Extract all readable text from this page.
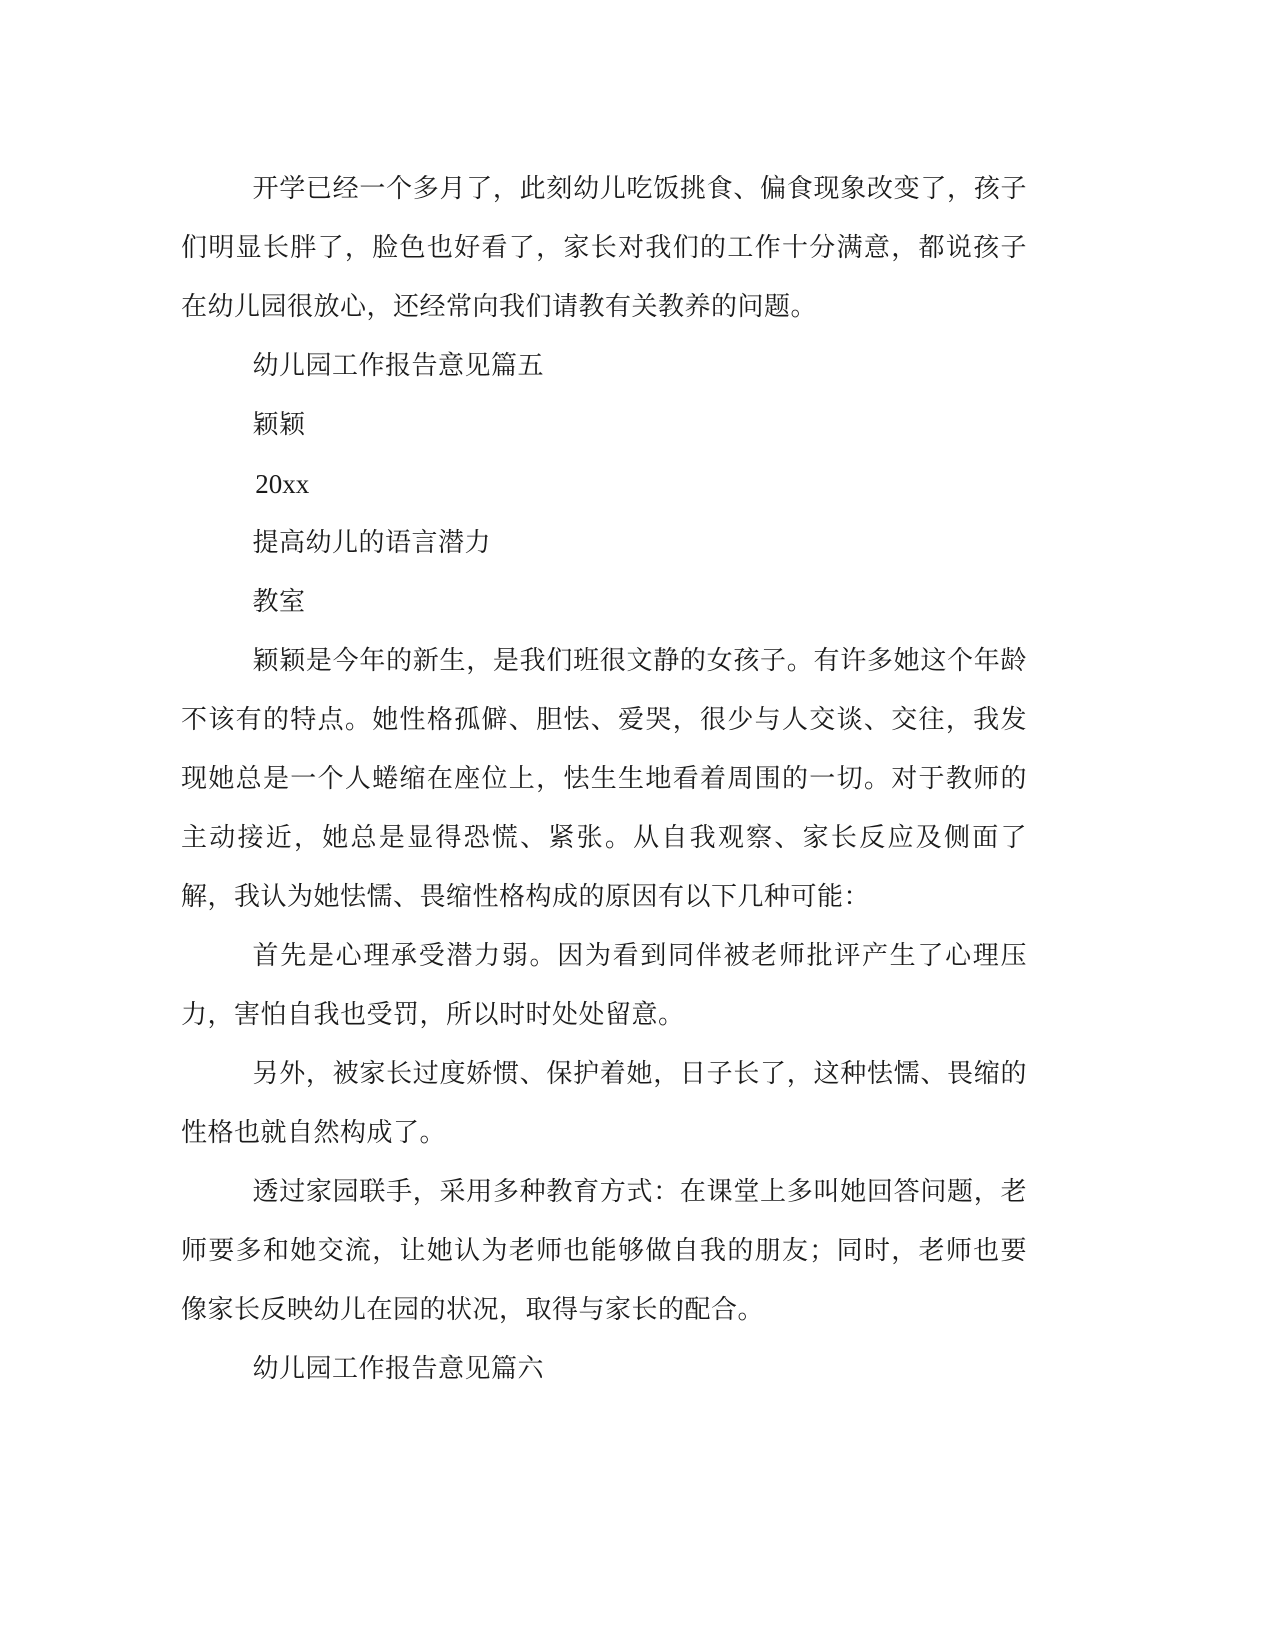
开学已经一个多月了，此刻幼儿吃饭挑食、偏食现象改变了，孩子们明显长胖了，脸色也好看了，家长对我们的工作十分满意，都说孩子在幼儿园很放心，还经常向我们请教有关教养的问题。

幼儿园工作报告意见篇五

颖颖

20xx

提高幼儿的语言潜力

教室

颖颖是今年的新生，是我们班很文静的女孩子。有许多她这个年龄不该有的特点。她性格孤僻、胆怯、爱哭，很少与人交谈、交往，我发现她总是一个人蜷缩在座位上，怯生生地看着周围的一切。对于教师的主动接近，她总是显得恐慌、紧张。从自我观察、家长反应及侧面了解，我认为她怯懦、畏缩性格构成的原因有以下几种可能：

首先是心理承受潜力弱。因为看到同伴被老师批评产生了心理压力，害怕自我也受罚，所以时时处处留意。

另外，被家长过度娇惯、保护着她，日子长了，这种怯懦、畏缩的性格也就自然构成了。

透过家园联手，采用多种教育方式：在课堂上多叫她回答问题，老师要多和她交流，让她认为老师也能够做自我的朋友；同时，老师也要像家长反映幼儿在园的状况，取得与家长的配合。

幼儿园工作报告意见篇六
